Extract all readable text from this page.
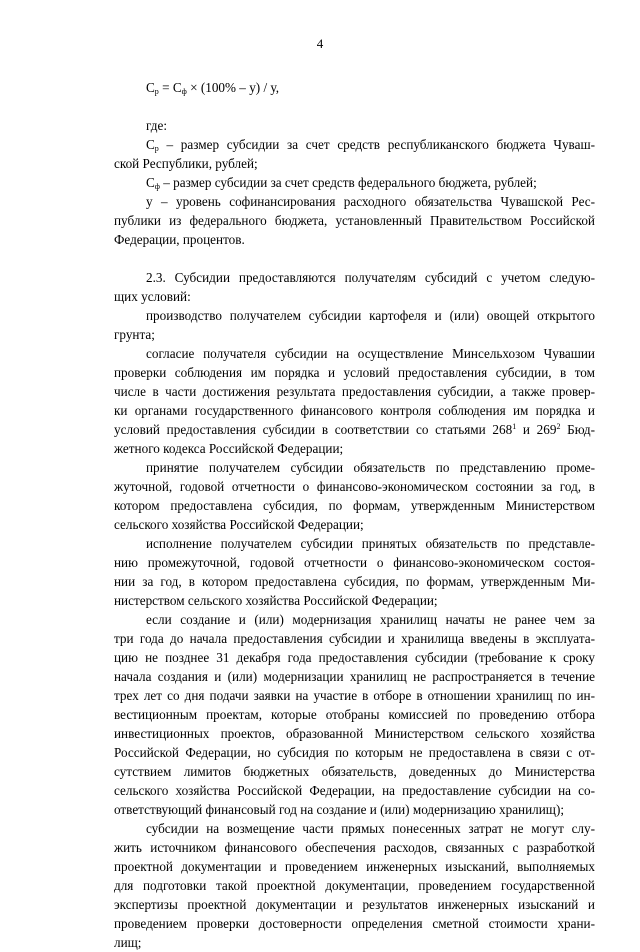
4
$С_р = С_ф \times (100\% - у) / у$,
где:
$С_р$ – размер субсидии за счет средств республиканского бюджета Чуваш-
ской Республики, рублей;
$С_ф$ – размер субсидии за счет средств федерального бюджета, рублей;
у – уровень софинансирования расходного обязательства Чувашской Рес-
публики из федерального бюджета, установленный Правительством Российской
Федерации, процентов.
2.3. Субсидии предоставляются получателям субсидий с учетом следую-
щих условий:
производство получателем субсидии картофеля и (или) овощей открытого
грунта;
согласие получателя субсидии на осуществление Минсельхозом Чувашии
проверки соблюдения им порядка и условий предоставления субсидии, в том
числе в части достижения результата предоставления субсидии, а также провер-
ки органами государственного финансового контроля соблюдения им порядка и
условий предоставления субсидии в соответствии со статьями $268^1$ и $269^2$ Бюд-
жетного кодекса Российской Федерации;
принятие получателем субсидии обязательств по представлению проме-
жуточной, годовой отчетности о финансово-экономическом состоянии за год, в
котором предоставлена субсидия, по формам, утвержденным Министерством
сельского хозяйства Российской Федерации;
исполнение получателем субсидии принятых обязательств по представле-
нию промежуточной, годовой отчетности о финансово-экономическом состоя-
нии за год, в котором предоставлена субсидия, по формам, утвержденным Ми-
нистерством сельского хозяйства Российской Федерации;
если создание и (или) модернизация хранилищ начаты не ранее чем за
три года до начала предоставления субсидии и хранилища введены в эксплуата-
цию не позднее 31 декабря года предоставления субсидии (требование к сроку
начала создания и (или) модернизации хранилищ не распространяется в течение
трех лет со дня подачи заявки на участие в отборе в отношении хранилищ по ин-
вестиционным проектам, которые отобраны комиссией по проведению отбора
инвестиционных проектов, образованной Министерством сельского хозяйства
Российской Федерации, но субсидия по которым не предоставлена в связи с от-
сутствием лимитов бюджетных обязательств, доведенных до Министерства
сельского хозяйства Российской Федерации, на предоставление субсидии на со-
ответствующий финансовый год на создание и (или) модернизацию хранилищ);
субсидии на возмещение части прямых понесенных затрат не могут слу-
жить источником финансового обеспечения расходов, связанных с разработкой
проектной документации и проведением инженерных изысканий, выполняемых
для подготовки такой проектной документации, проведением государственной
экспертизы проектной документации и результатов инженерных изысканий и
проведением проверки достоверности определения сметной стоимости храни-
лищ;
